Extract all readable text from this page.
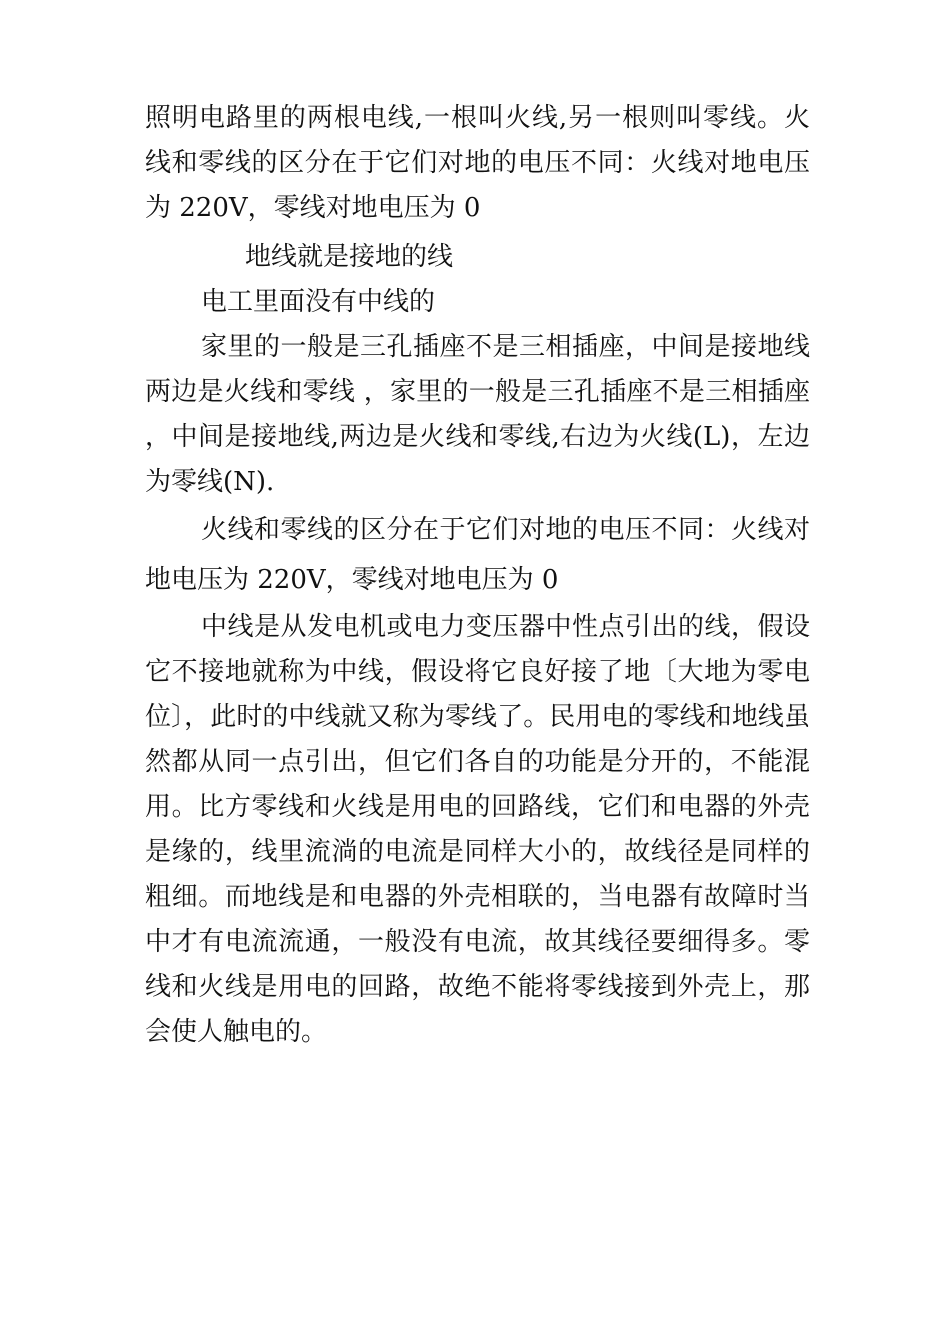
照明电路里的两根电线,一根叫火线,另一根则叫零线。火线和零线的区分在于它们对地的电压不同：火线对地电压为 220V，零线对地电压为 0

地线就是接地的线

电工里面没有中线的

家里的一般是三孔插座不是三相插座，中间是接地线两边是火线和零线 ，家里的一般是三孔插座不是三相插座，中间是接地线,两边是火线和零线,右边为火线(L)，左边为零线(N).

火线和零线的区分在于它们对地的电压不同：火线对地电压为 220V，零线对地电压为 0

中线是从发电机或电力变压器中性点引出的线，假设它不接地就称为中线，假设将它良好接了地〔大地为零电位〕，此时的中线就又称为零线了。民用电的零线和地线虽然都从同一点引出，但它们各自的功能是分开的，不能混用。比方零线和火线是用电的回路线，它们和电器的外壳是缘的，线里流淌的电流是同样大小的，故线径是同样的粗细。而地线是和电器的外壳相联的，当电器有故障时当中才有电流流通，一般没有电流，故其线径要细得多。零线和火线是用电的回路，故绝不能将零线接到外壳上，那会使人触电的。
